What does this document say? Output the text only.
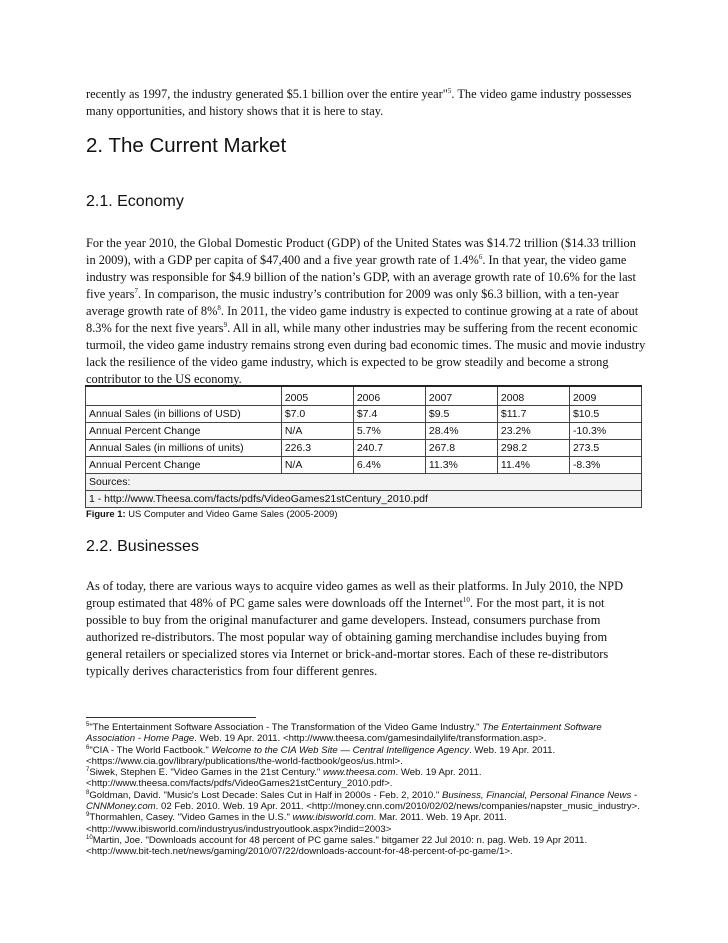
recently as 1997, the industry generated $5.1 billion over the entire year"$^5$. The video game industry possesses many opportunities, and history shows that it is here to stay.

2. The Current Market
2.1. Economy

For the year 2010, the Global Domestic Product (GDP) of the United States was $14.72 trillion ($14.33 trillion in 2009), with a GDP per capita of $47,400 and a five year growth rate of 1.4%$^6$. In that year, the video game industry was responsible for $4.9 billion of the nation’s GDP, with an average growth rate of 10.6% for the last five years$^7$. In comparison, the music industry’s contribution for 2009 was only $6.3 billion, with a ten-year average growth rate of 8%$^8$. In 2011, the video game industry is expected to continue growing at a rate of about 8.3% for the next five years$^9$. All in all, while many other industries may be suffering from the recent economic turmoil, the video game industry remains strong even during bad economic times. The music and movie industry lack the resilience of the video game industry, which is expected to be grow steadily and become a strong contributor to the US economy.

	2005	2006	2007	2008	2009
Annual Sales (in billions of USD)	$7.0	$7.4	$9.5	$11.7	$10.5
Annual Percent Change	N/A	5.7%	28.4%	23.2%	-10.3%
Annual Sales (in millions of units)	226.3	240.7	267.8	298.2	273.5
Annual Percent Change	N/A	6.4%	11.3%	11.4%	-8.3%
Sources:					
1 - http://www.Theesa.com/facts/pdfs/VideoGames21stCentury_2010.pdf					
Figure 1: US Computer and Video Game Sales (2005-2009)
2.2. Businesses

As of today, there are various ways to acquire video games as well as their platforms. In July 2010, the NPD group estimated that 48% of PC game sales were downloads off the Internet$^{10}$. For the most part, it is not possible to buy from the original manufacturer and game developers. Instead, consumers purchase from authorized re-distributors. The most popular way of obtaining gaming merchandise includes buying from general retailers or specialized stores via Internet or brick-and-mortar stores. Each of these re-distributors typically derives characteristics from four different genres.

$^5$"The Entertainment Software Association - The Transformation of the Video Game Industry." The Entertainment Software Association - Home Page. Web. 19 Apr. 2011. <http://www.theesa.com/gamesindailylife/transformation.asp>.

$^6$"CIA - The World Factbook." Welcome to the CIA Web Site — Central Intelligence Agency. Web. 19 Apr. 2011. <https://www.cia.gov/library/publications/the-world-factbook/geos/us.html>.

$^7$Siwek, Stephen E. "Video Games in the 21st Century." www.theesa.com. Web. 19 Apr. 2011. <http://www.theesa.com/facts/pdfs/VideoGames21stCentury_2010.pdf>.

$^8$Goldman, David. "Music's Lost Decade: Sales Cut in Half in 2000s - Feb. 2, 2010." Business, Financial, Personal Finance News - CNNMoney.com. 02 Feb. 2010. Web. 19 Apr. 2011. <http://money.cnn.com/2010/02/02/news/companies/napster_music_industry>.

$^9$Thormahlen, Casey. "Video Games in the U.S." www.ibisworld.com. Mar. 2011. Web. 19 Apr. 2011. <http://www.ibisworld.com/industryus/industryoutlook.aspx?indid=2003>

$^{10}$Martin, Joe. "Downloads account for 48 percent of PC game sales." bitgamer 22 Jul 2010: n. pag. Web. 19 Apr 2011. <http://www.bit-tech.net/news/gaming/2010/07/22/downloads-account-for-48-percent-of-pc-game/1>.
